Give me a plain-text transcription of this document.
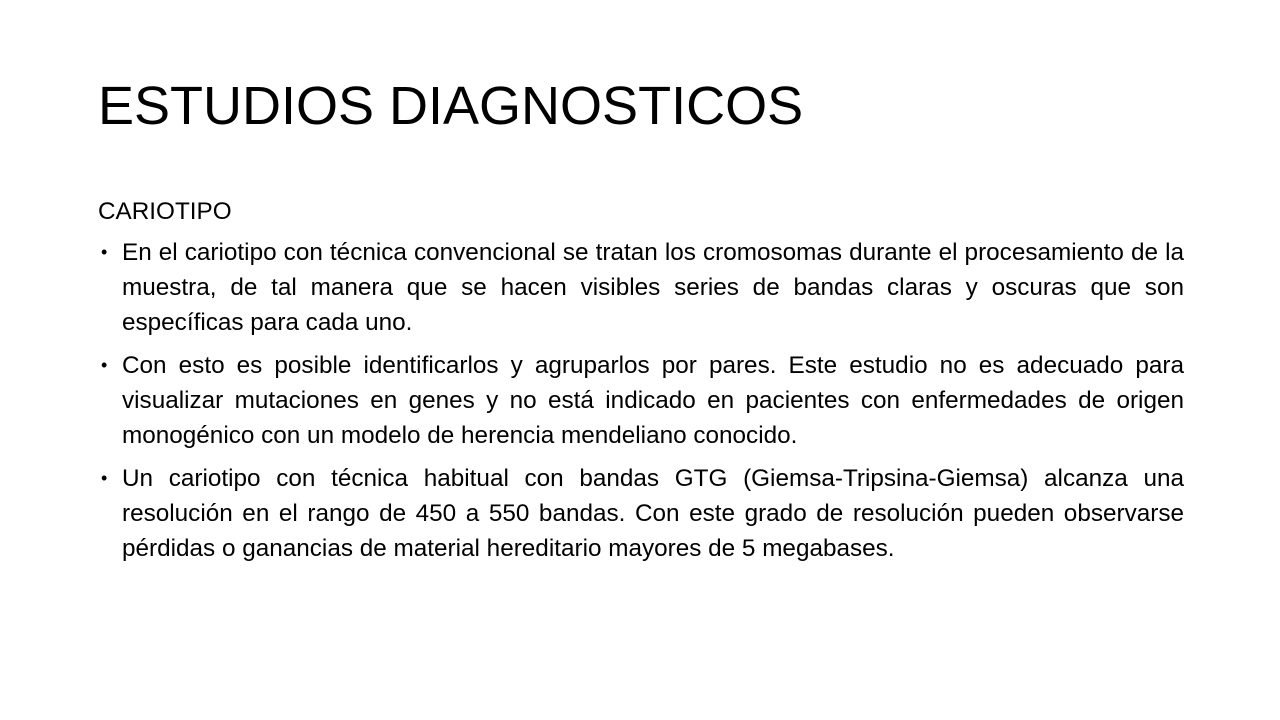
ESTUDIOS DIAGNOSTICOS

CARIOTIPO

• En el cariotipo con técnica convencional se tratan los cromosomas durante el procesamiento de la muestra, de tal manera que se hacen visibles series de bandas claras y oscuras que son específicas para cada uno.
• Con esto es posible identificarlos y agruparlos por pares. Este estudio no es adecuado para visualizar mutaciones en genes y no está indicado en pacientes con enfermedades de origen monogénico con un modelo de herencia mendeliano conocido.
• Un cariotipo con técnica habitual con bandas GTG (Giemsa-Tripsina-Giemsa) alcanza una resolución en el rango de 450 a 550 bandas. Con este grado de resolución pueden observarse pérdidas o ganancias de material hereditario mayores de 5 megabases.
